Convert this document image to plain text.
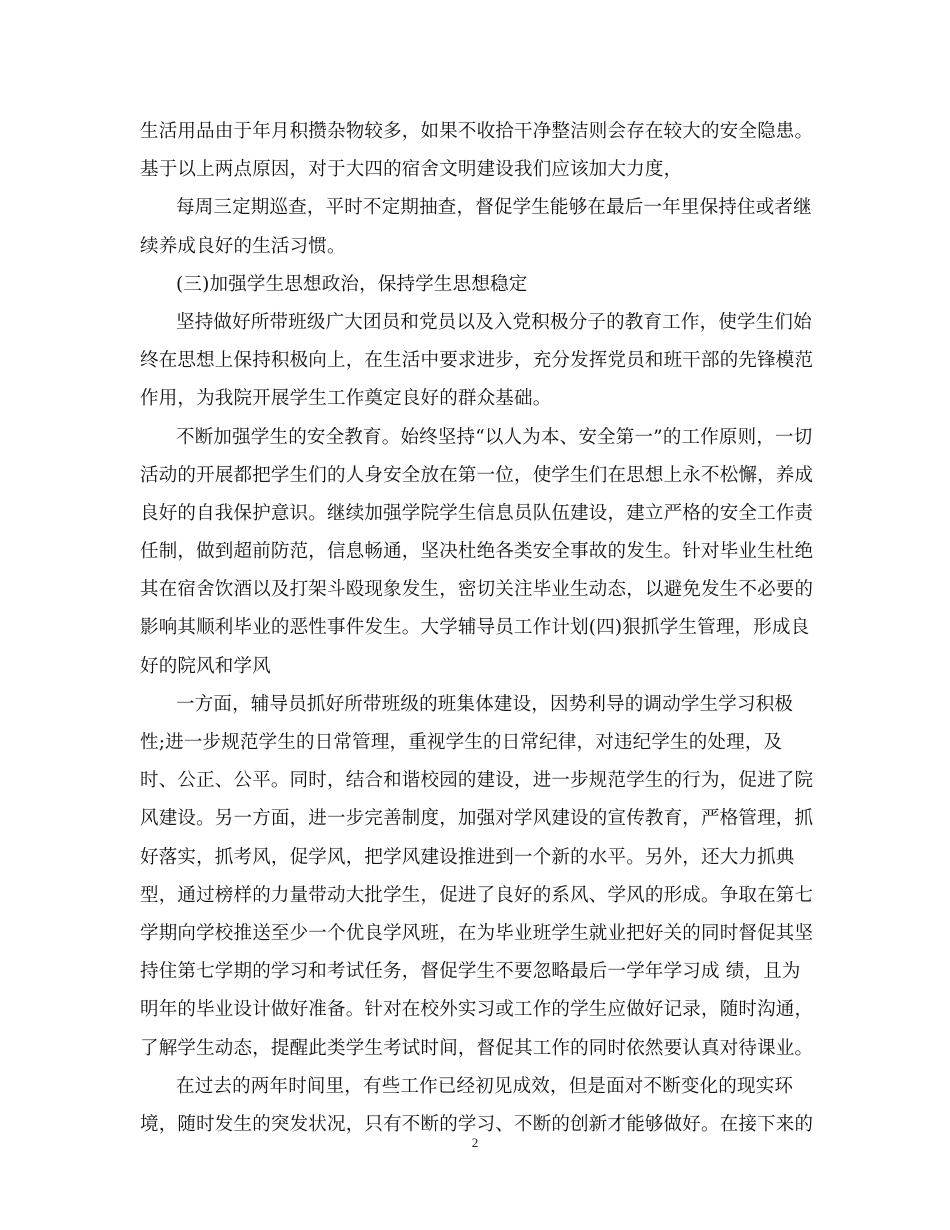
生活用品由于年月积攒杂物较多，如果不收拾干净整洁则会存在较大的安全隐患。
基于以上两点原因，对于大四的宿舍文明建设我们应该加大力度，
每周三定期巡查，平时不定期抽查，督促学生能够在最后一年里保持住或者继
续养成良好的生活习惯。
(三)加强学生思想政治，保持学生思想稳定
坚持做好所带班级广大团员和党员以及入党积极分子的教育工作，使学生们始
终在思想上保持积极向上，在生活中要求进步，充分发挥党员和班干部的先锋模范
作用，为我院开展学生工作奠定良好的群众基础。
不断加强学生的安全教育。始终坚持“以人为本、安全第一”的工作原则，一切
活动的开展都把学生们的人身安全放在第一位，使学生们在思想上永不松懈，养成
良好的自我保护意识。继续加强学院学生信息员队伍建设，建立严格的安全工作责
任制，做到超前防范，信息畅通，坚决杜绝各类安全事故的发生。针对毕业生杜绝
其在宿舍饮酒以及打架斗殴现象发生，密切关注毕业生动态，以避免发生不必要的
影响其顺利毕业的恶性事件发生。大学辅导员工作计划(四)狠抓学生管理，形成良
好的院风和学风
一方面，辅导员抓好所带班级的班集体建设，因势利导的调动学生学习积极
性;进一步规范学生的日常管理，重视学生的日常纪律，对违纪学生的处理，及
时、公正、公平。同时，结合和谐校园的建设，进一步规范学生的行为，促进了院
风建设。另一方面，进一步完善制度，加强对学风建设的宣传教育，严格管理，抓
好落实，抓考风，促学风，把学风建设推进到一个新的水平。另外，还大力抓典
型，通过榜样的力量带动大批学生，促进了良好的系风、学风的形成。争取在第七
学期向学校推送至少一个优良学风班，在为毕业班学生就业把好关的同时督促其坚
持住第七学期的学习和考试任务，督促学生不要忽略最后一学年学习成 绩，且为
明年的毕业设计做好准备。针对在校外实习或工作的学生应做好记录，随时沟通，
了解学生动态，提醒此类学生考试时间，督促其工作的同时依然要认真对待课业。
在过去的两年时间里，有些工作已经初见成效，但是面对不断变化的现实环
境，随时发生的突发状况，只有不断的学习、不断的创新才能够做好。在接下来的
2
